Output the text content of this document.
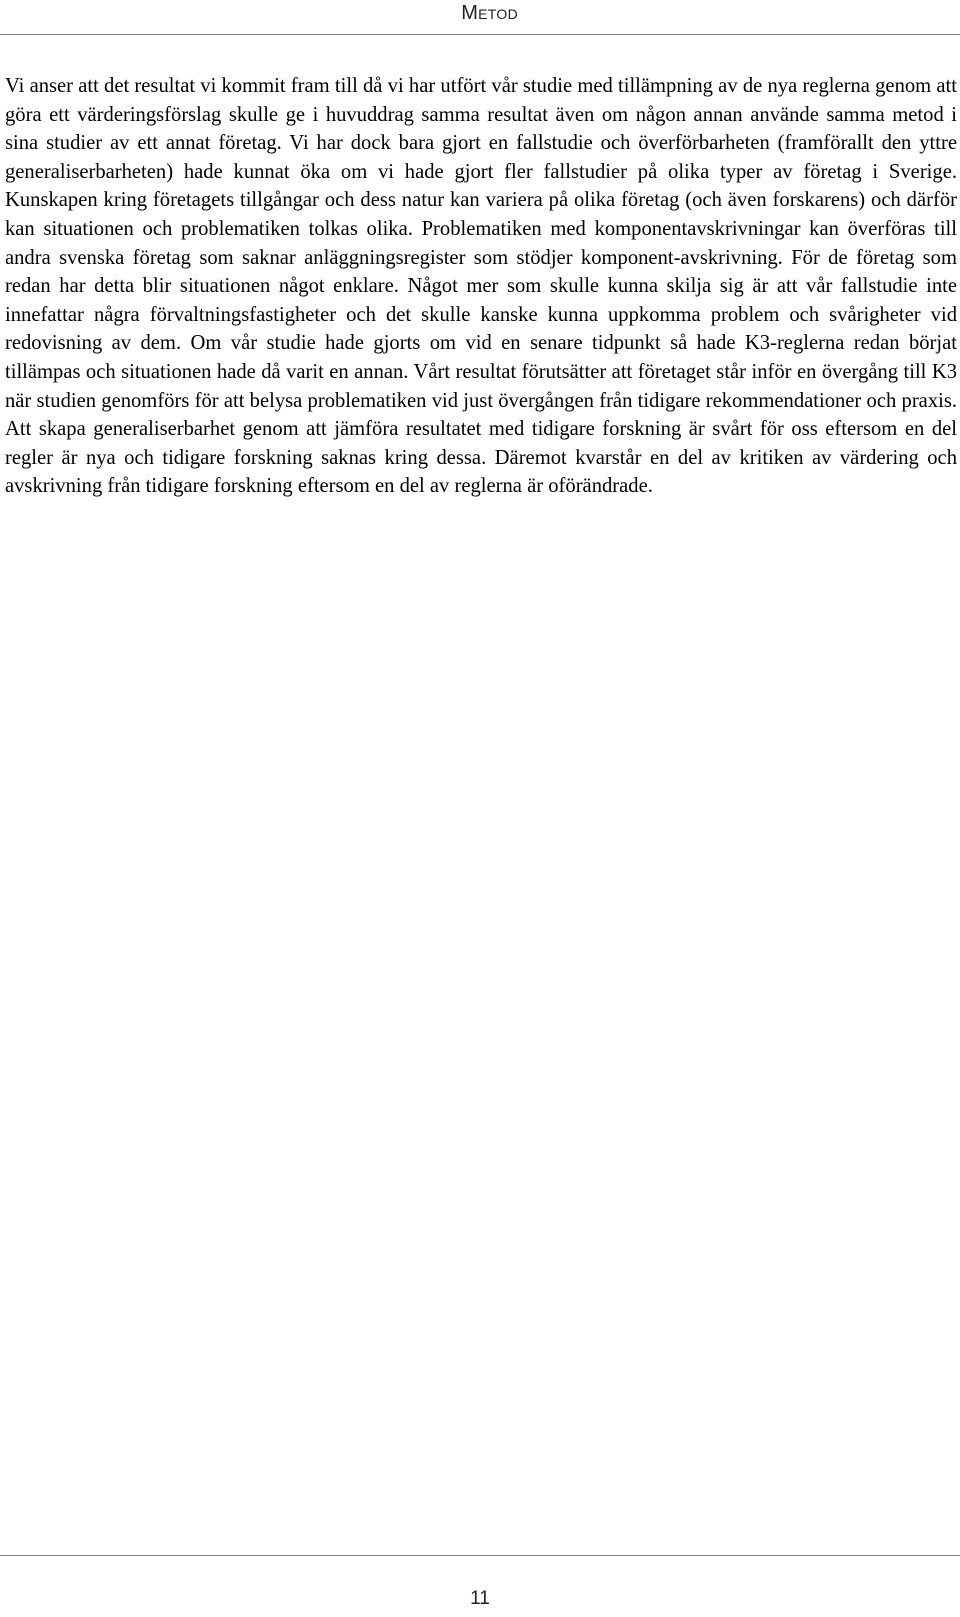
Metod

Vi anser att det resultat vi kommit fram till då vi har utfört vår studie med tillämpning av de nya reglerna genom att göra ett värderingsförslag skulle ge i huvuddrag samma resultat även om någon annan använde samma metod i sina studier av ett annat företag. Vi har dock bara gjort en fallstudie och överförbarheten (framförallt den yttre generaliserbarheten) hade kunnat öka om vi hade gjort fler fallstudier på olika typer av företag i Sverige. Kunskapen kring företagets tillgångar och dess natur kan variera på olika företag (och även forskarens) och därför kan situationen och problematiken tolkas olika. Problematiken med komponentavskrivningar kan överföras till andra svenska företag som saknar anläggningsregister som stödjer komponent-avskrivning. För de företag som redan har detta blir situationen något enklare. Något mer som skulle kunna skilja sig är att vår fallstudie inte innefattar några förvaltningsfastigheter och det skulle kanske kunna uppkomma problem och svårigheter vid redovisning av dem. Om vår studie hade gjorts om vid en senare tidpunkt så hade K3-reglerna redan börjat tillämpas och situationen hade då varit en annan. Vårt resultat förutsätter att företaget står inför en övergång till K3 när studien genomförs för att belysa problematiken vid just övergången från tidigare rekommendationer och praxis. Att skapa generaliserbarhet genom att jämföra resultatet med tidigare forskning är svårt för oss eftersom en del regler är nya och tidigare forskning saknas kring dessa. Däremot kvarstår en del av kritiken av värdering och avskrivning från tidigare forskning eftersom en del av reglerna är oförändrade.

11
